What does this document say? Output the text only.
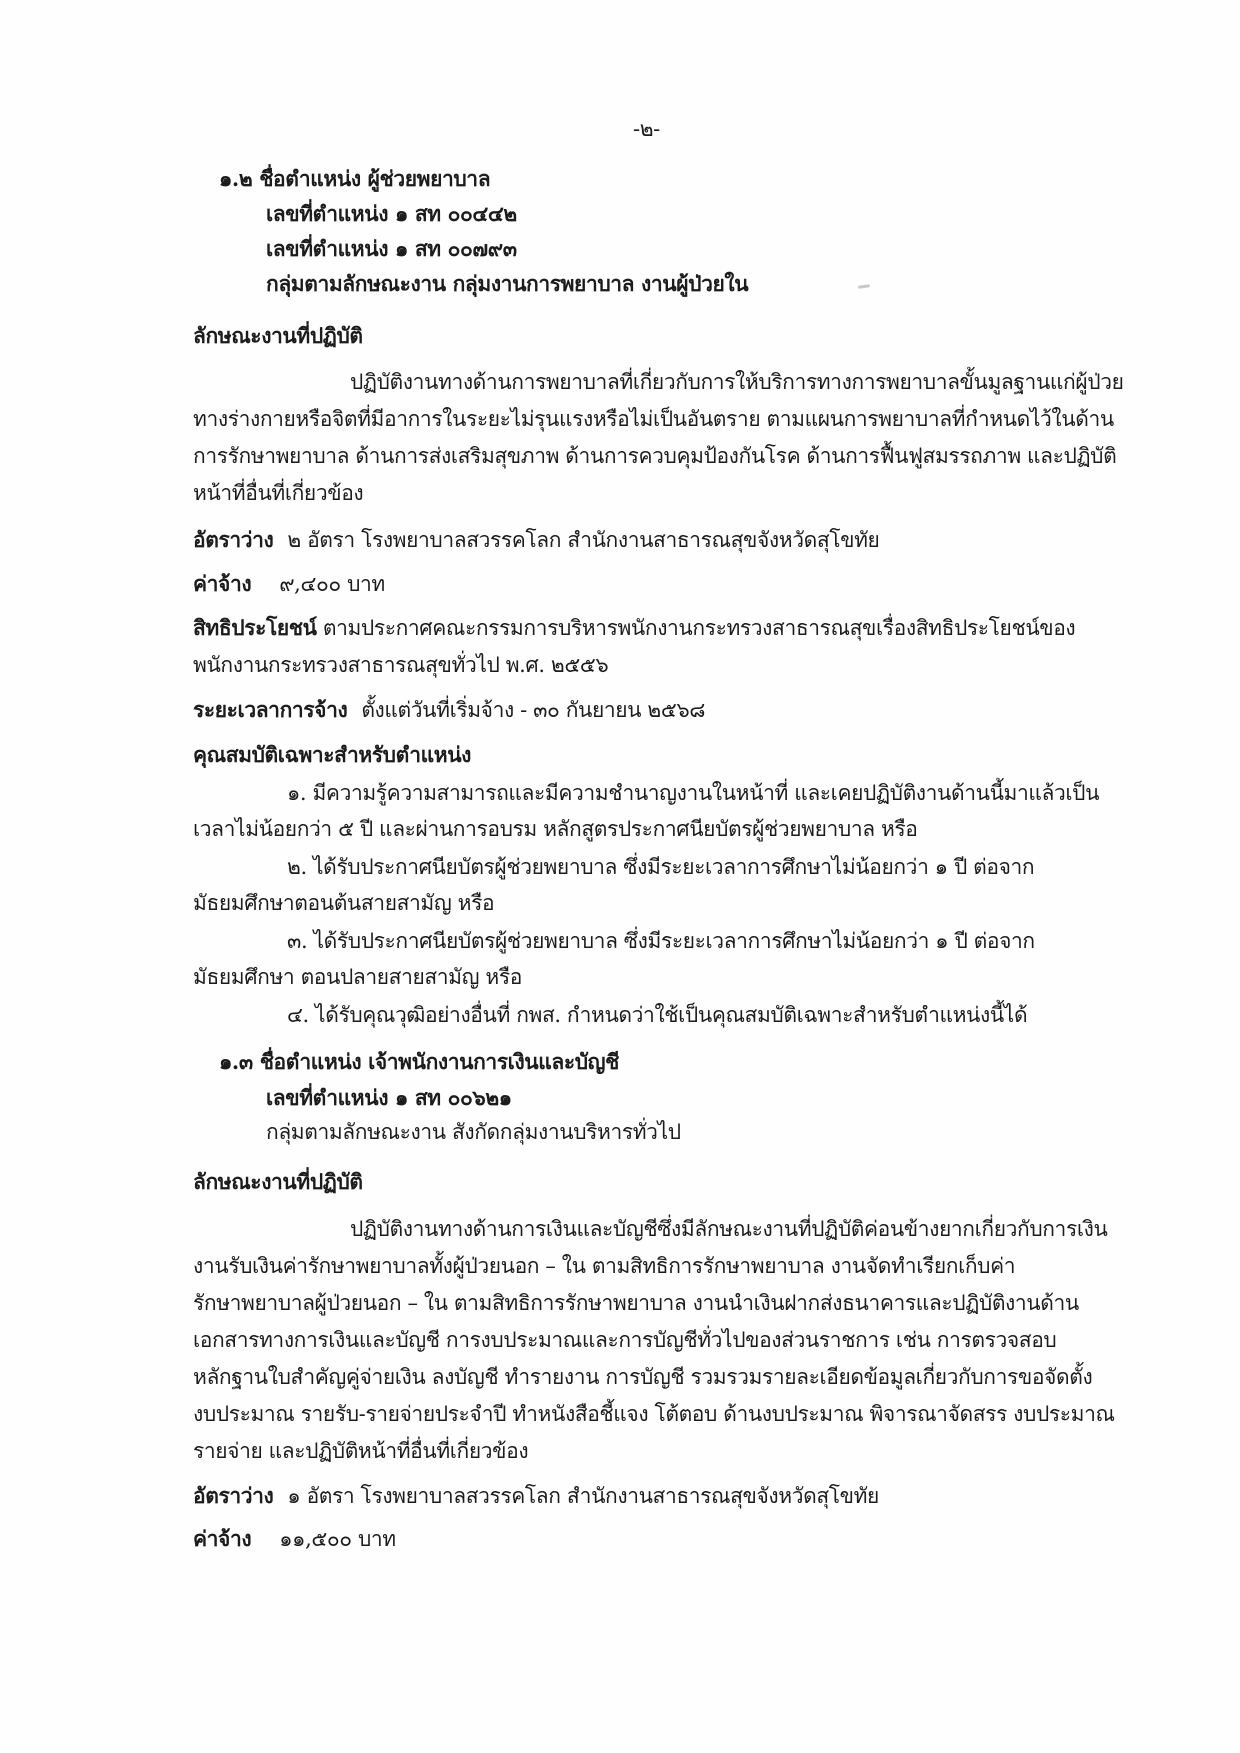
-๒-
๑.๒ ชื่อตำแหน่ง ผู้ช่วยพยาบาล
เลขที่ตำแหน่ง ๑ สท ๐๐๔๔๒
เลขที่ตำแหน่ง ๑ สท ๐๐๗๙๓
กลุ่มตามลักษณะงาน กลุ่มงานการพยาบาล งานผู้ป่วยใน
ลักษณะงานที่ปฏิบัติ
ปฏิบัติงานทางด้านการพยาบาลที่เกี่ยวกับการให้บริการทางการพยาบาลขั้นมูลฐานแก่ผู้ป่วย
ทางร่างกายหรือจิตที่มีอาการในระยะไม่รุนแรงหรือไม่เป็นอันตราย ตามแผนการพยาบาลที่กำหนดไว้ในด้าน
การรักษาพยาบาล ด้านการส่งเสริมสุขภาพ ด้านการควบคุมป้องกันโรค ด้านการฟื้นฟูสมรรถภาพ และปฏิบัติ
หน้าที่อื่นที่เกี่ยวข้อง
อัตราว่าง ๒ อัตรา โรงพยาบาลสวรรคโลก สำนักงานสาธารณสุขจังหวัดสุโขทัย
ค่าจ้าง ๙,๔๐๐ บาท
สิทธิประโยชน์ ตามประกาศคณะกรรมการบริหารพนักงานกระทรวงสาธารณสุขเรื่องสิทธิประโยชน์ของ
พนักงานกระทรวงสาธารณสุขทั่วไป พ.ศ. ๒๕๕๖
ระยะเวลาการจ้าง ตั้งแต่วันที่เริ่มจ้าง - ๓๐ กันยายน ๒๕๖๘
คุณสมบัติเฉพาะสำหรับตำแหน่ง
๑. มีความรู้ความสามารถและมีความชำนาญงานในหน้าที่ และเคยปฏิบัติงานด้านนี้มาแล้วเป็น
เวลาไม่น้อยกว่า ๕ ปี และผ่านการอบรม หลักสูตรประกาศนียบัตรผู้ช่วยพยาบาล หรือ
๒. ได้รับประกาศนียบัตรผู้ช่วยพยาบาล ซึ่งมีระยะเวลาการศึกษาไม่น้อยกว่า ๑ ปี ต่อจาก
มัธยมศึกษาตอนต้นสายสามัญ หรือ
๓. ได้รับประกาศนียบัตรผู้ช่วยพยาบาล ซึ่งมีระยะเวลาการศึกษาไม่น้อยกว่า ๑ ปี ต่อจาก
มัธยมศึกษา ตอนปลายสายสามัญ หรือ
๔. ได้รับคุณวุฒิอย่างอื่นที่ กพส. กำหนดว่าใช้เป็นคุณสมบัติเฉพาะสำหรับตำแหน่งนี้ได้
๑.๓ ชื่อตำแหน่ง เจ้าพนักงานการเงินและบัญชี
เลขที่ตำแหน่ง ๑ สท ๐๐๖๒๑
กลุ่มตามลักษณะงาน สังกัดกลุ่มงานบริหารทั่วไป
ลักษณะงานที่ปฏิบัติ
ปฏิบัติงานทางด้านการเงินและบัญชีซึ่งมีลักษณะงานที่ปฏิบัติค่อนข้างยากเกี่ยวกับการเงิน
งานรับเงินค่ารักษาพยาบาลทั้งผู้ป่วยนอก – ใน ตามสิทธิการรักษาพยาบาล งานจัดทำเรียกเก็บค่า
รักษาพยาบาลผู้ป่วยนอก – ใน ตามสิทธิการรักษาพยาบาล งานนำเงินฝากส่งธนาคารและปฏิบัติงานด้าน
เอกสารทางการเงินและบัญชี การงบประมาณและการบัญชีทั่วไปของส่วนราชการ เช่น การตรวจสอบ
หลักฐานใบสำคัญคู่จ่ายเงิน ลงบัญชี ทำรายงาน การบัญชี รวมรวมรายละเอียดข้อมูลเกี่ยวกับการขอจัดตั้ง
งบประมาณ รายรับ-รายจ่ายประจำปี ทำหนังสือชี้แจง โต้ตอบ ด้านงบประมาณ พิจารณาจัดสรร งบประมาณ
รายจ่าย และปฏิบัติหน้าที่อื่นที่เกี่ยวข้อง
อัตราว่าง ๑ อัตรา โรงพยาบาลสวรรคโลก สำนักงานสาธารณสุขจังหวัดสุโขทัย
ค่าจ้าง ๑๑,๕๐๐ บาท
